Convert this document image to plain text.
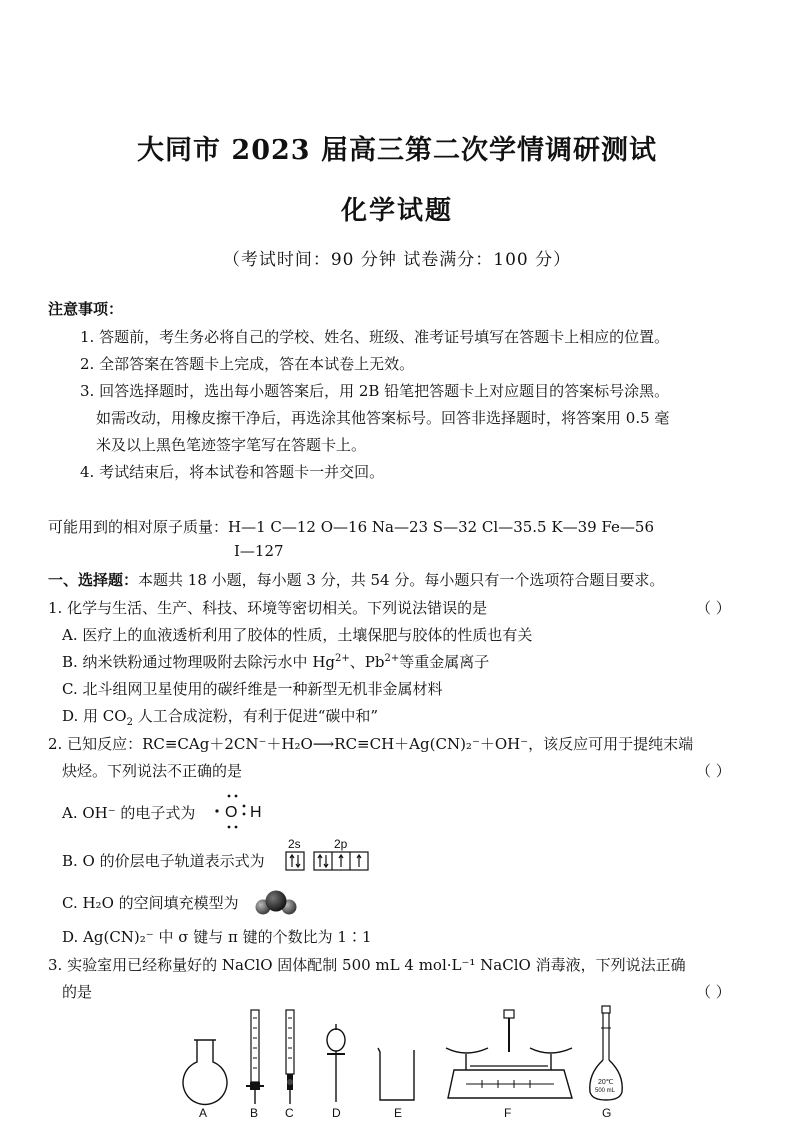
大同市 2023 届高三第二次学情调研测试
化学试题
（考试时间：90 分钟 试卷满分：100 分）
注意事项：
1. 答题前，考生务必将自己的学校、姓名、班级、准考证号填写在答题卡上相应的位置。
2. 全部答案在答题卡上完成，答在本试卷上无效。
3. 回答选择题时，选出每小题答案后，用 2B 铅笔把答题卡上对应题目的答案标号涂黑。
如需改动，用橡皮擦干净后，再选涂其他答案标号。回答非选择题时，将答案用 0.5 毫
米及以上黑色笔迹签字笔写在答题卡上。
4. 考试结束后，将本试卷和答题卡一并交回。
可能用到的相对原子质量：H—1 C—12 O—16 Na—23 S—32 Cl—35.5 K—39 Fe—56
I—127
一、选择题：本题共 18 小题，每小题 3 分，共 54 分。每小题只有一个选项符合题目要求。
1. 化学与生活、生产、科技、环境等密切相关。下列说法错误的是	（ ）
A. 医疗上的血液透析利用了胶体的性质，土壤保肥与胶体的性质也有关
B. 纳米铁粉通过物理吸附去除污水中 $Hg^{2+}$、$Pb^{2+}$等重金属离子
C. 北斗组网卫星使用的碳纤维是一种新型无机非金属材料
D. 用 $CO_2$ 人工合成淀粉，有利于促进“碳中和”
2. 已知反应：RC≡CAg＋2CN⁻＋H₂O⟶RC≡CH＋Ag(CN)₂⁻＋OH⁻，该反应可用于提纯末端
炔烃。下列说法不正确的是	（ ）
A. OH⁻ 的电子式为 O H
B. O 的价层电子轨道表示式为
2s	2p
C. H₂O 的空间填充模型为
D. Ag(CN)₂⁻ 中 σ 键与 π 键的个数比为 1∶1
3. 实验室用已经称量好的 NaClO 固体配制 500 mL 4 mol·L⁻¹ NaClO 消毒液，下列说法正确
的是	（ ）
A	B C	D	E	F
20℃
500 mL
G
